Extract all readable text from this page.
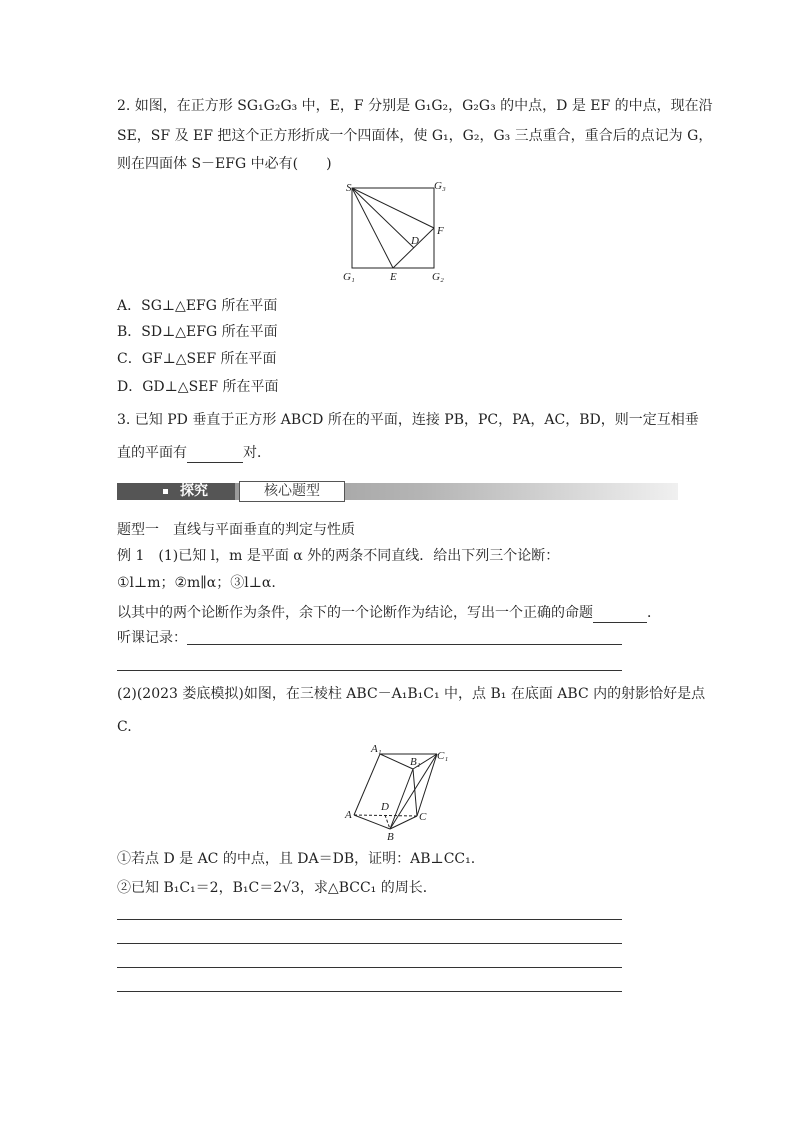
2. 如图，在正方形 SG₁G₂G₃ 中，E，F 分别是 G₁G₂，G₂G₃ 的中点，D 是 EF 的中点，现在沿
SE，SF 及 EF 把这个正方形折成一个四面体，使 G₁，G₂，G₃ 三点重合，重合后的点记为 G，
则在四面体 S－EFG 中必有(　　)
S	G₃
F
D
G₁	E	G₂
A．SG⊥△EFG 所在平面
B．SD⊥△EFG 所在平面
C．GF⊥△SEF 所在平面
D．GD⊥△SEF 所在平面
3. 已知 PD 垂直于正方形 ABCD 所在的平面，连接 PB，PC，PA，AC，BD，则一定互相垂
直的平面有	对．
探究	核心题型
题型一　直线与平面垂直的判定与性质
例 1　(1)已知 l，m 是平面 α 外的两条不同直线．给出下列三个论断：
①l⊥m；②m∥α；③l⊥α.
以其中的两个论断作为条件，余下的一个论断作为结论，写出一个正确的命题	．
听课记录：
(2)(2023 娄底模拟)如图，在三棱柱 ABC－A₁B₁C₁ 中，点 B₁ 在底面 ABC 内的射影恰好是点
C.
A₁
B₁ C₁
D
A	C
B
①若点 D 是 AC 的中点，且 DA＝DB，证明：AB⊥CC₁.
②已知 B₁C₁＝2，B₁C＝2√3，求△BCC₁ 的周长．
